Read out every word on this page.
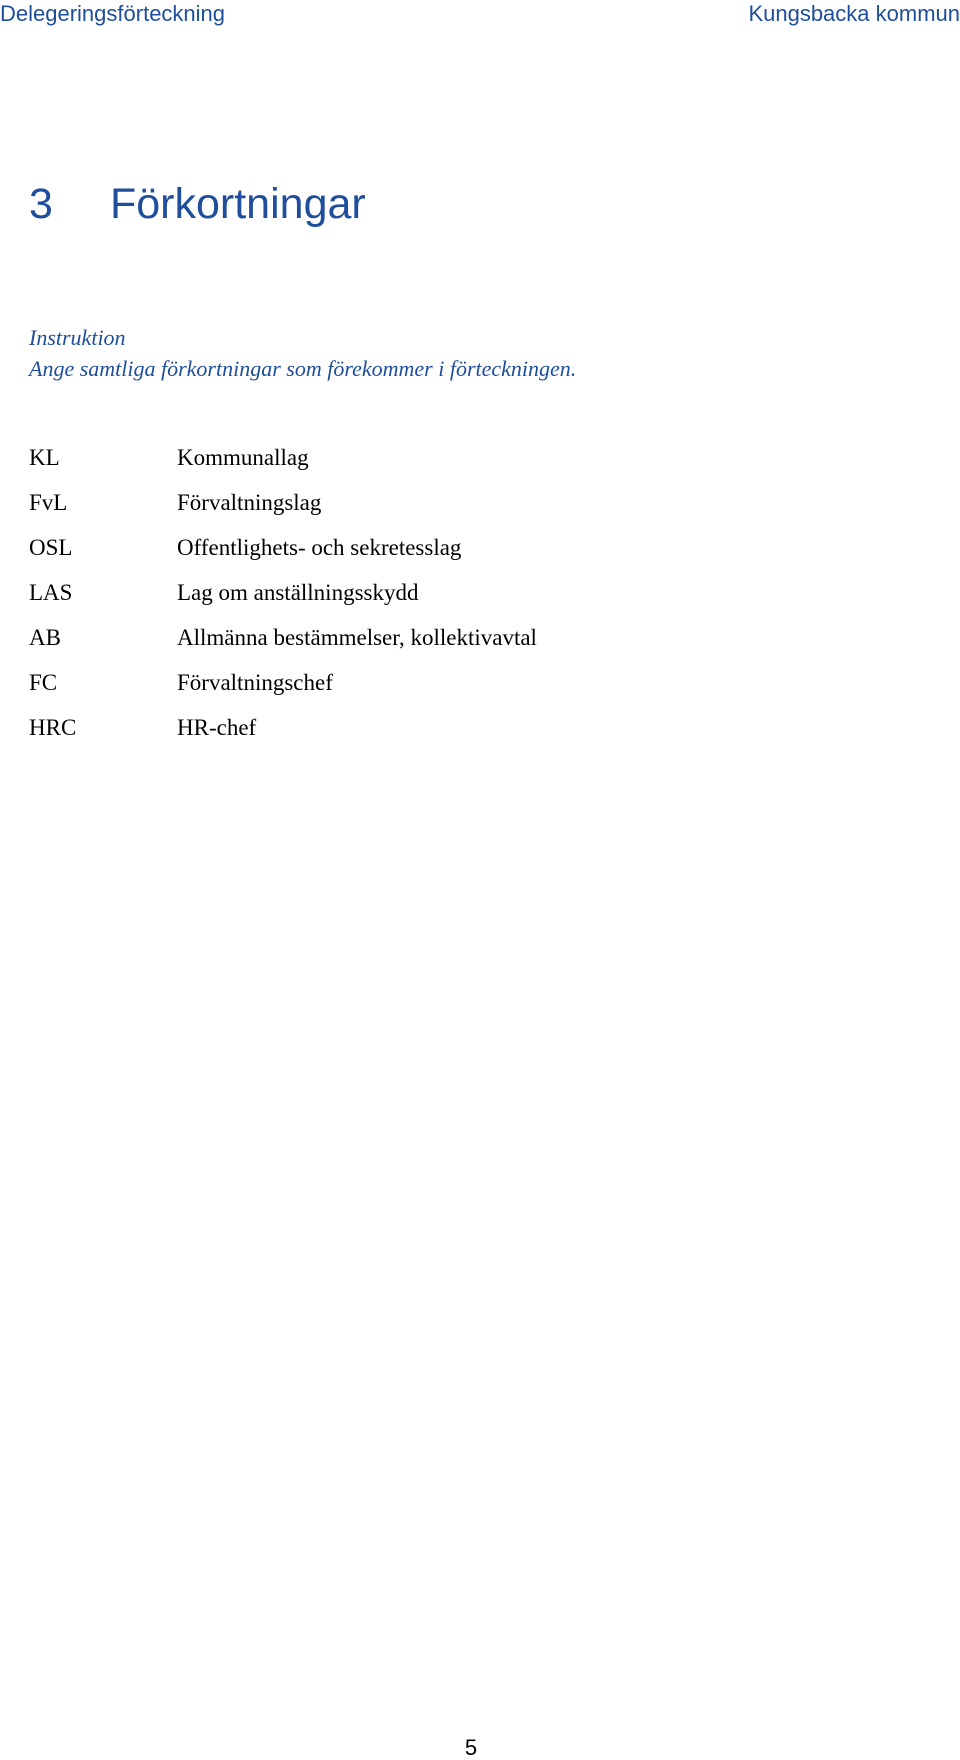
Delegeringsförteckning	Kungsbacka kommun
3 Förkortningar
Instruktion
Ange samtliga förkortningar som förekommer i förteckningen.
KL	Kommunallag
FvL	Förvaltningslag
OSL	Offentlighets- och sekretesslag
LAS	Lag om anställningsskydd
AB	Allmänna bestämmelser, kollektivavtal
FC	Förvaltningschef
HRC	HR-chef
5
